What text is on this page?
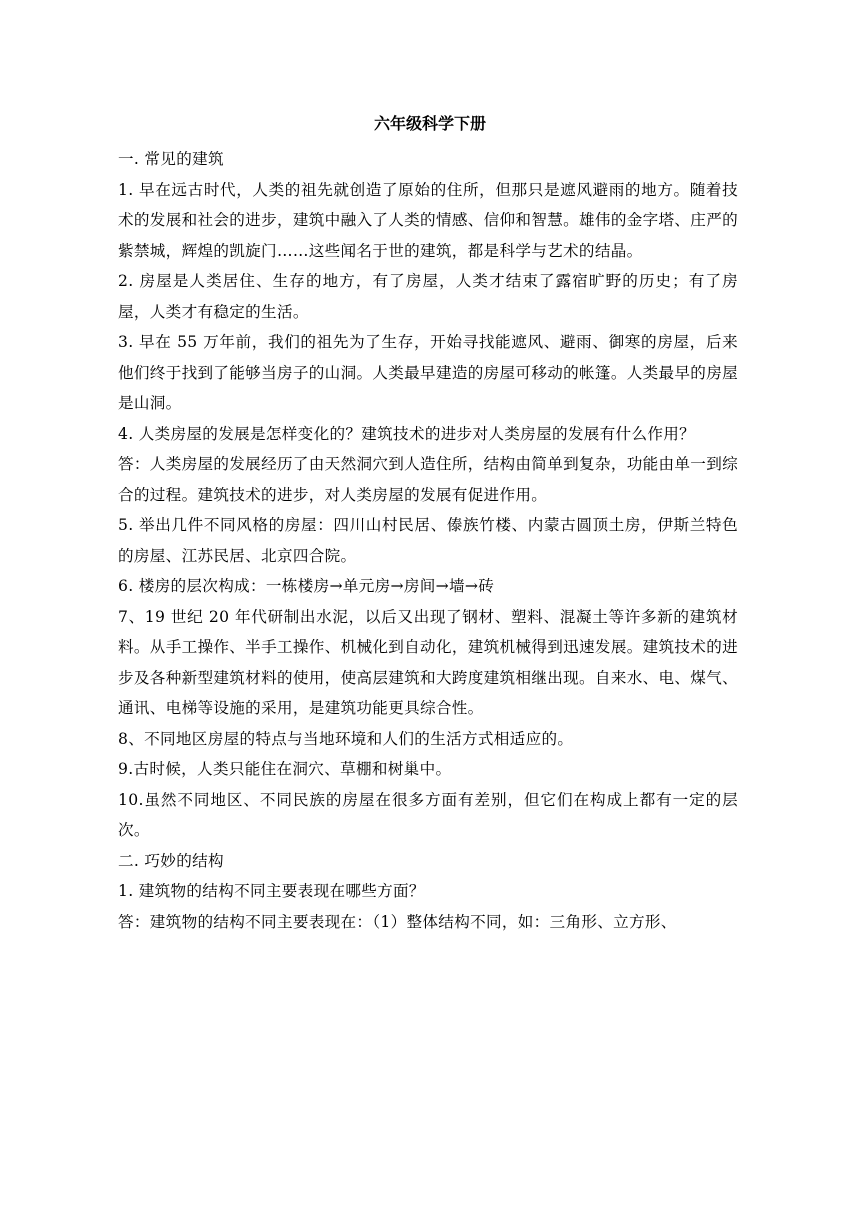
六年级科学下册

一. 常见的建筑

1. 早在远古时代，人类的祖先就创造了原始的住所，但那只是遮风避雨的地方。随着技术的发展和社会的进步，建筑中融入了人类的情感、信仰和智慧。雄伟的金字塔、庄严的紫禁城，辉煌的凯旋门……这些闻名于世的建筑，都是科学与艺术的结晶。

2. 房屋是人类居住、生存的地方，有了房屋，人类才结束了露宿旷野的历史；有了房屋，人类才有稳定的生活。

3. 早在 55 万年前，我们的祖先为了生存，开始寻找能遮风、避雨、御寒的房屋，后来他们终于找到了能够当房子的山洞。人类最早建造的房屋可移动的帐篷。人类最早的房屋是山洞。

4. 人类房屋的发展是怎样变化的？建筑技术的进步对人类房屋的发展有什么作用？

答：人类房屋的发展经历了由天然洞穴到人造住所，结构由简单到复杂，功能由单一到综合的过程。建筑技术的进步，对人类房屋的发展有促进作用。

5. 举出几件不同风格的房屋：四川山村民居、傣族竹楼、内蒙古圆顶土房，伊斯兰特色的房屋、江苏民居、北京四合院。

6. 楼房的层次构成：一栋楼房→单元房→房间→墙→砖

7、19 世纪 20 年代研制出水泥，以后又出现了钢材、塑料、混凝土等许多新的建筑材料。从手工操作、半手工操作、机械化到自动化，建筑机械得到迅速发展。建筑技术的进步及各种新型建筑材料的使用，使高层建筑和大跨度建筑相继出现。自来水、电、煤气、通讯、电梯等设施的采用，是建筑功能更具综合性。

8、不同地区房屋的特点与当地环境和人们的生活方式相适应的。

9.古时候，人类只能住在洞穴、草棚和树巢中。

10.虽然不同地区、不同民族的房屋在很多方面有差别，但它们在构成上都有一定的层次。

二. 巧妙的结构

1. 建筑物的结构不同主要表现在哪些方面？

答：建筑物的结构不同主要表现在：（1）整体结构不同，如：三角形、立方形、
